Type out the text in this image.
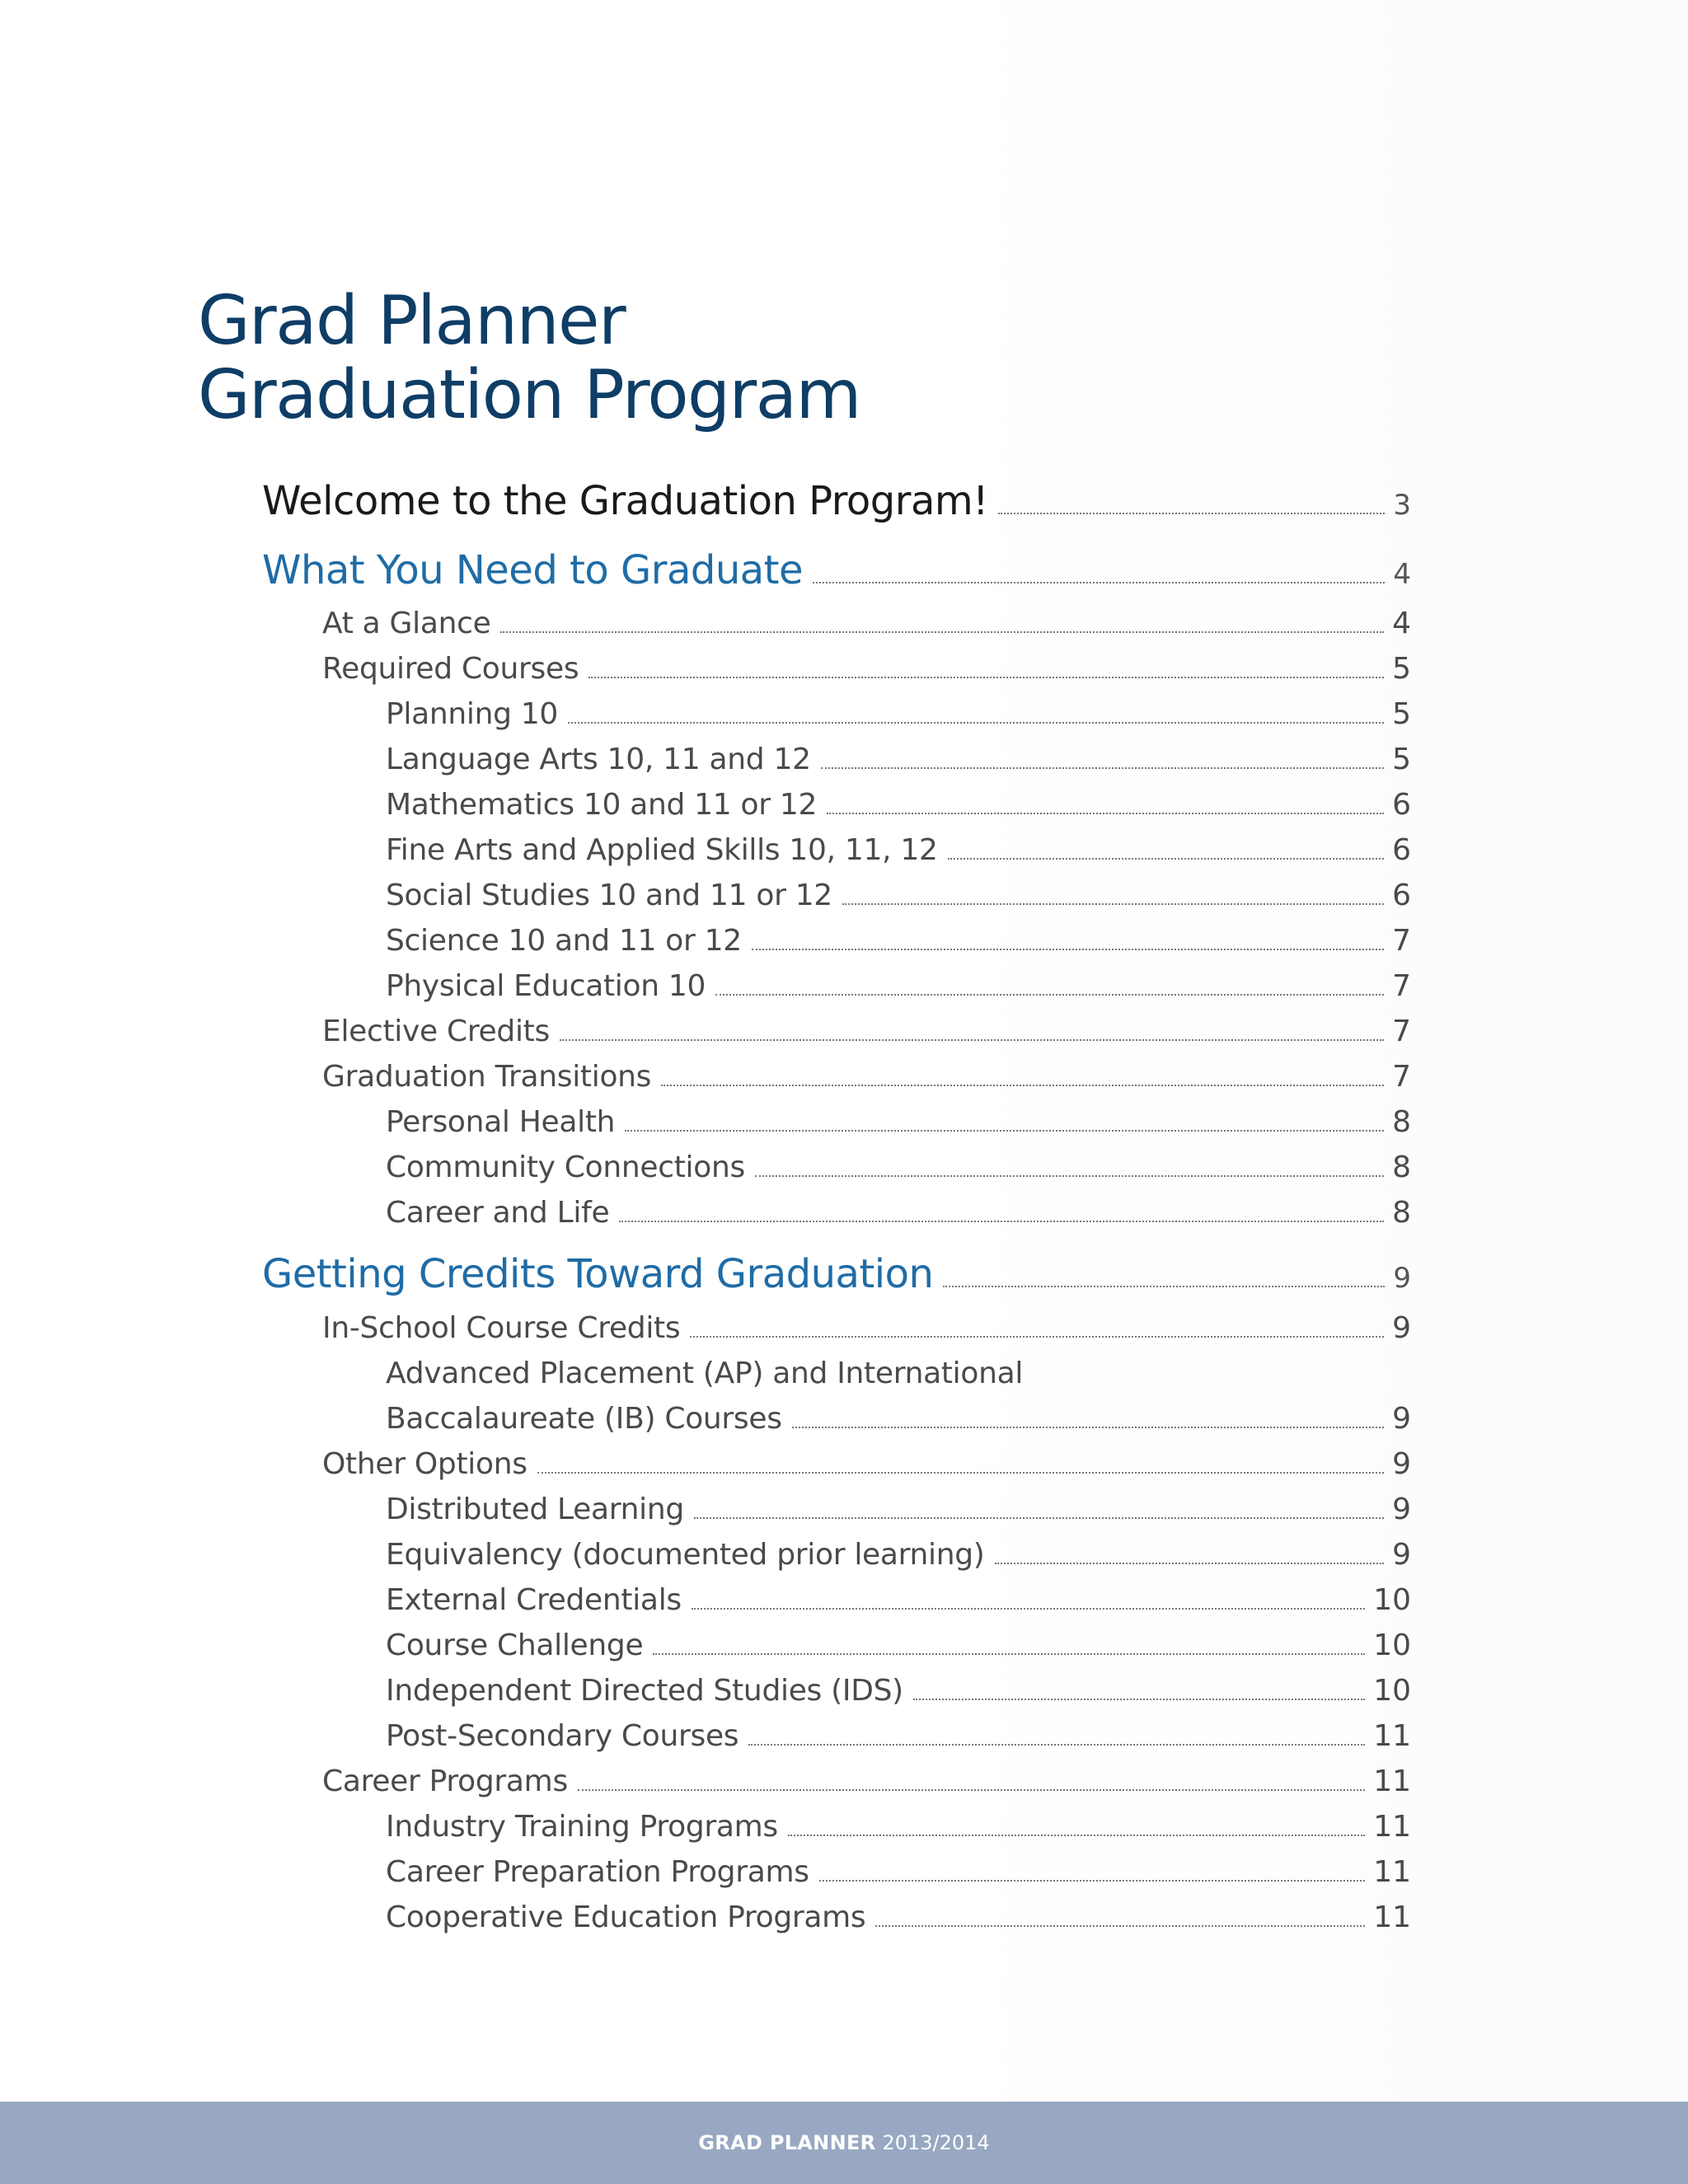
Grad Planner
Graduation Program
Welcome to the Graduation Program!	3
What You Need to Graduate	4
At a Glance	4
Required Courses	5
Planning 10	5
Language Arts 10, 11 and 12	5
Mathematics 10 and 11 or 12	6
Fine Arts and Applied Skills 10, 11, 12	6
Social Studies 10 and 11 or 12	6
Science 10 and 11 or 12	7
Physical Education 10	7
Elective Credits	7
Graduation Transitions	7
Personal Health	8
Community Connections	8
Career and Life	8
Getting Credits Toward Graduation	9
In-School Course Credits	9
Advanced Placement (AP) and International
Baccalaureate (IB) Courses	9
Other Options	9
Distributed Learning	9
Equivalency (documented prior learning)	9
External Credentials	10
Course Challenge	10
Independent Directed Studies (IDS)	10
Post-Secondary Courses	11
Career Programs	11
Industry Training Programs	11
Career Preparation Programs	11
Cooperative Education Programs	11
GRAD PLANNER 2013/2014
